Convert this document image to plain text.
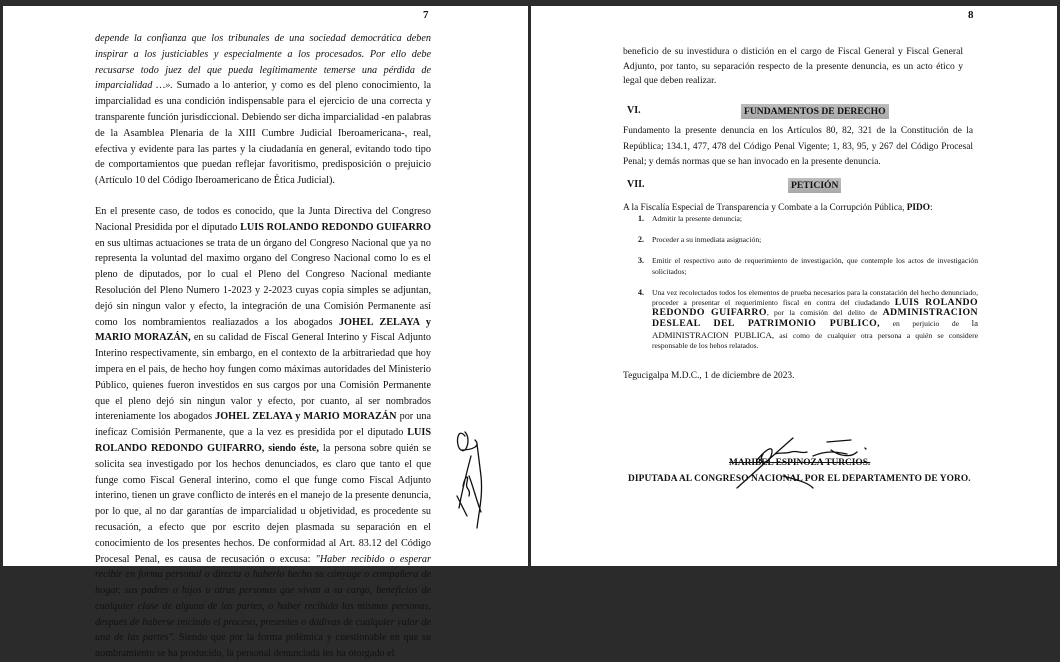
7

depende la confianza que los tribunales de una sociedad democrática deben inspirar a los justiciables y especialmente a los procesados. Por ello debe recusarse todo juez del que pueda legítimamente temerse una pérdida de imparcialidad …». Sumado a lo anterior, y como es del pleno conocimiento, la imparcialidad es una condición indispensable para el ejercicio de una correcta y transparente función jurisdiccional. Debiendo ser dicha imparcialidad -en palabras de la Asamblea Plenaria de la XIII Cumbre Judicial Iberoamericana-, real, efectiva y evidente para las partes y la ciudadanía en general, evitando todo tipo de comportamientos que puedan reflejar favoritismo, predisposición o prejuicio (Artículo 10 del Código Iberoamericano de Ética Judicial).

En el presente caso, de todos es conocido, que la Junta Directiva del Congreso Nacional Presidida por el diputado LUIS ROLANDO REDONDO GUIFARRO en sus ultimas actuaciones se trata de un órgano del Congreso Nacional que ya no representa la voluntad del maximo organo del Congreso Nacional como lo es el pleno de diputados, por lo cual el Pleno del Congreso Nacional mediante Resolución del Pleno Numero 1-2023 y 2-2023 cuyas copia simples se adjuntan, dejó sin ningun valor y efecto, la integración de una Comisión Permanente así como los nombramientos realiazados a los abogados JOHEL ZELAYA y MARIO MORAZÁN, en su calidad de Fiscal General Interino y Fiscal Adjunto Interino respectivamente, sin embargo, en el contexto de la arbitrariedad que hoy impera en el pais, de hecho hoy fungen como máximas autoridades del Ministerio Público, quienes fueron investidos en sus cargos por una Comisión Permanente que el pleno dejó sin ningun valor y efecto, por cuanto, al ser nombrados intereniamente los abogados JOHEL ZELAYA y MARIO MORAZÁN por una ineficaz Comisión Permanente, que a la vez es presidida por el diputado LUIS ROLANDO REDONDO GUIFARRO, siendo éste, la persona sobre quién se solicita sea investigado por los hechos denunciados, es claro que tanto el que funge como Fiscal General interino, como el que funge como Fiscal Adjunto interino, tienen un grave conflicto de interés en el manejo de la presente denuncia, por lo que, al no dar garantías de imparcialidad u objetividad, es procedente su recusación, a efecto que por escrito dejen plasmada su separación en el conocimiento de los presentes hechos. De conformidad al Art. 83.12 del Código Procesal Penal, es causa de recusación o excusa: "Haber recibido o esperar recibir en forma personal o directa o haberlo hecho su cónyuge o compañera de hogar, sus padres o hijos u otras personas que vivan a su cargo, beneficios de cualquier clase de alguna de las partes, o haber recibido las mismas personas, después de haberse iniciado el proceso, presentes o dádivas de cualquier valor de una de las partes". Siendo que por la forma polémica y cuestionable en que su nombramiento se ha producido, la personal denunciada les ha otorgado el

8
beneficio de su investidura o distición en el cargo de Fiscal General y Fiscal General Adjunto, por tanto, su separación respecto de la presente denuncia, es un acto ético y legal que deben realizar.
VI.	FUNDAMENTOS DE DERECHO
Fundamento la presente denuncia en los Artículos 80, 82, 321 de la Constitución de la República; 134.1, 477, 478 del Código Penal Vigente; 1, 83, 95, y 267 del Código Procesal Penal; y demás normas que se han invocado en la presente denuncia.
VII.	PETICIÓN
A la Fiscalía Especial de Transparencia y Combate a la Corrupción Pública, PIDO:
1. Admitir la presente denuncia;
2. Proceder a su inmediata asignación;
3. Emitir el respectivo auto de requerimiento de investigación, que contemple los actos de investigación solicitados;
4. Una vez recolectados todos los elementos de prueba necesarios para la constatación del hecho denunciado, proceder a presentar el requerimiento fiscal en contra del ciudadando LUIS ROLANDO REDONDO GUIFARRO, por la comisión del delito de ADMINISTRACION DESLEAL DEL PATRIMONIO PUBLICO, en perjuicio de la ADMINISTRACION PUBLICA, asi como de cualquier otra persona a quién se considere responsable de los hehos relatados.
Tegucigalpa M.D.C., 1 de diciembre de 2023.
MARIBEL ESPINOZA TURCIOS.
DIPUTADA AL CONGRESO NACIONAL POR EL DEPARTAMENTO DE YORO.
